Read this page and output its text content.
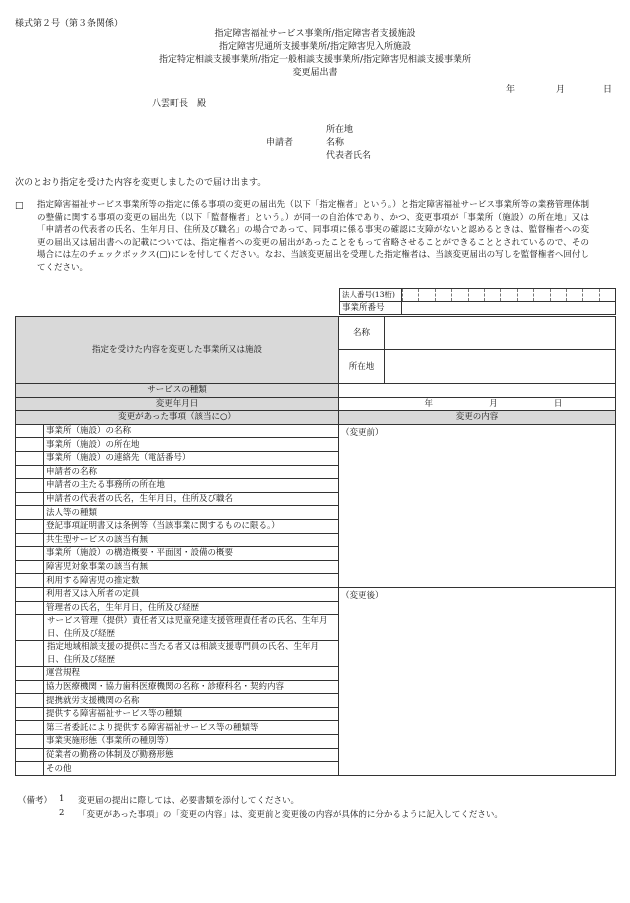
様式第２号（第３条関係）
指定障害福祉サービス事業所/指定障害者支援施設
指定障害児通所支援事業所/指定障害児入所施設
指定特定相談支援事業所/指定一般相談支援事業所/指定障害児相談支援事業所
変更届出書
年	月	日
八雲町長　殿
申請者
所在地
名称
代表者氏名
次のとおり指定を受けた内容を変更しましたので届け出ます。
□ 指定障害福祉サービス事業所等の指定に係る事項の変更の届出先（以下「指定権者」という。）と指定障害福祉サービス事業所等の業務管理体制の整備に関する事項の変更の届出先（以下「監督権者」という。）が同一の自治体であり、かつ、変更事項が「事業所（施設）の所在地」又は「申請者の代表者の氏名、生年月日、住所及び職名」の場合であって、同事項に係る事実の確認に支障がないと認めるときは、監督権者への変更の届出又は届出書への記載については、指定権者への変更の届出があったことをもって省略させることができることとされているので、その場合には左のチェックボックス(□)にレを付してください。なお、当該変更届出を受理した指定権者は、当該変更届出の写しを監督権者へ回付してください。
法人番号(13桁)	

事業所番号	
指定を受けた内容を変更した事業所又は施設		名称	
		所在地	
サービスの種類			
変更年月日		年 月 日	
変更があった事項（該当に○）		変更の内容	
	事業所（施設）の名称	（変更前）	
	事業所（施設）の所在地		
	事業所（施設）の連絡先（電話番号）		
	申請者の名称		
	申請者の主たる事務所の所在地		
	申請者の代表者の氏名，生年月日，住所及び職名		
	法人等の種類		
	登記事項証明書又は条例等（当該事業に関するものに限る。）		
	共生型サービスの該当有無		
	事業所（施設）の構造概要・平面図・設備の概要		
	障害児対象事業の該当有無		
	利用する障害児の推定数		
	利用者又は入所者の定員	（変更後）	
	管理者の氏名，生年月日，住所及び経歴		
	サービス管理（提供）責任者又は児童発達支援管理責任者の氏名、生年月日、住所及び経歴		
	指定地域相談支援の提供に当たる者又は相談支援専門員の氏名、生年月日、住所及び経歴		
	運営規程		
	協力医療機関・協力歯科医療機関の名称・診療科名・契約内容		
	提携就労支援機関の名称		
	提供する障害福祉サービス等の種類		
	第三者委託により提供する障害福祉サービス等の種類等		
	事業実施形態（事業所の種別等）		
	従業者の勤務の体制及び勤務形態		
	その他		
（備考） 1 変更届の提出に際しては、必要書類を添付してください。
2 「変更があった事項」の「変更の内容」は、変更前と変更後の内容が具体的に分かるように記入してください。
